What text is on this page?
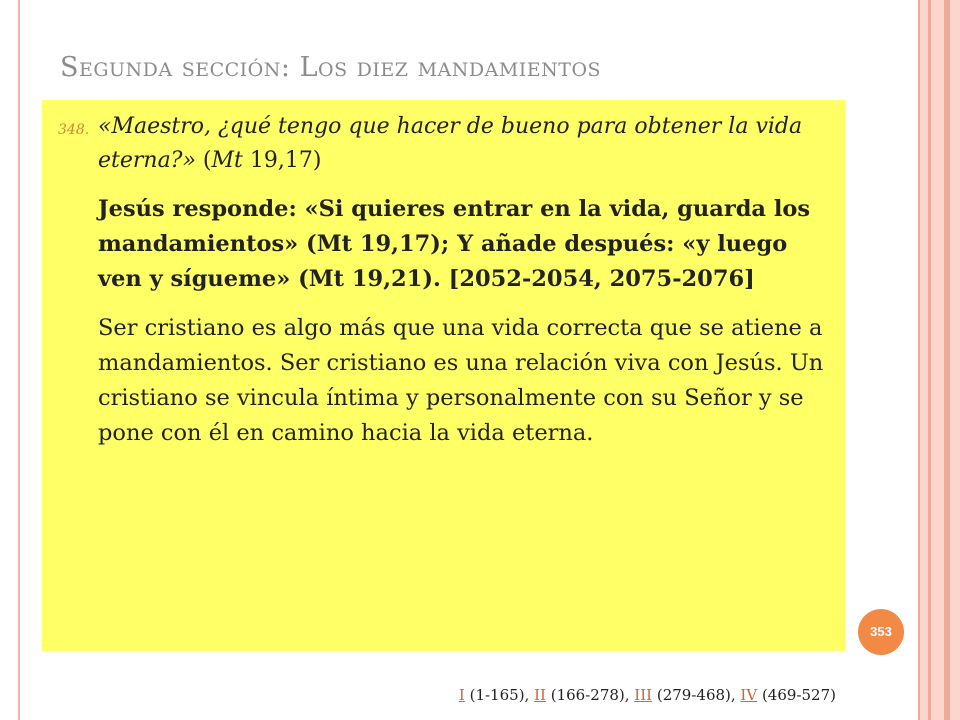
Segunda sección: Los diez mandamientos
348. «Maestro, ¿qué tengo que hacer de bueno para obtener la vida eterna?» (Mt 19,17)

Jesús responde: «Si quieres entrar en la vida, guarda los mandamientos» (Mt 19,17); Y añade después: «y luego ven y sígueme» (Mt 19,21). [2052-2054, 2075-2076]

Ser cristiano es algo más que una vida correcta que se atiene a mandamientos. Ser cristiano es una relación viva con Jesús. Un cristiano se vincula íntima y personalmente con su Señor y se pone con él en camino hacia la vida eterna.

353
I (1-165), II (166-278), III (279-468), IV (469-527)
